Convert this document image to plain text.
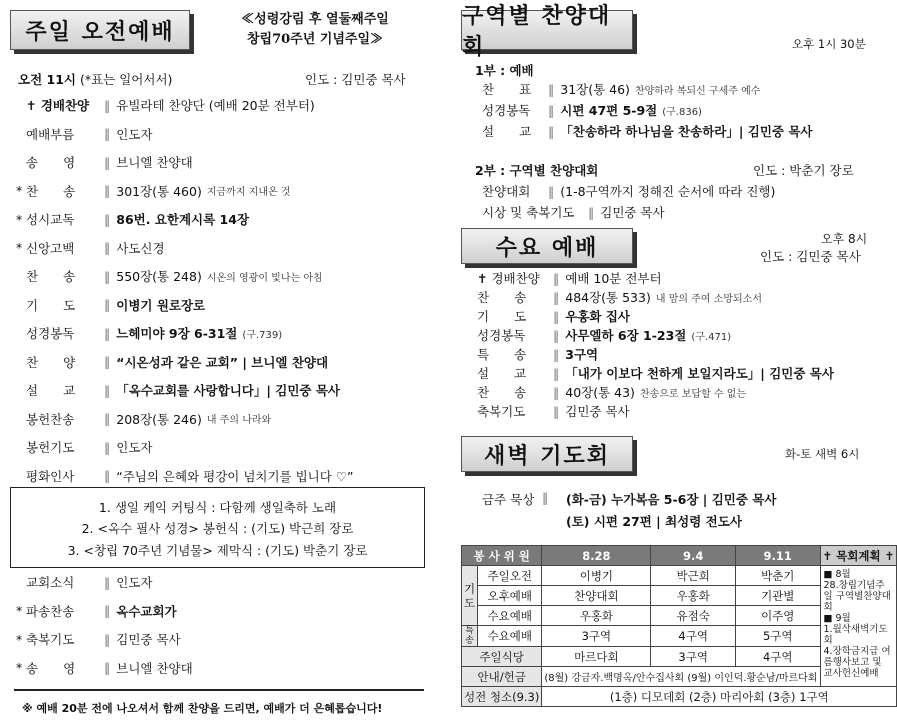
주일 오전예배	≪성령강림 후 열둘째주일
창립70주년 기념주일≫
오전 11시 (*표는 일어서서)	인도 : 김민중 목사
✝ 경배찬양	‖ 유빌라테 찬양단 (예배 20분 전부터)
예배부름	‖ 인도자
송　　영	‖ 브니엘 찬양대
* 찬　　송	‖ 301장(통 460) 지금까지 지내온 것
* 성시교독	‖ 86번. 요한계시록 14장
* 신앙고백	‖ 사도신경
찬　　송	‖ 550장(통 248) 시온의 영광이 빛나는 아침
기　　도	‖ 이병기 원로장로
성경봉독	‖ 느헤미야 9장 6-31절 (구.739)
찬　　양	‖ “시온성과 같은 교회” | 브니엘 찬양대
설　　교	‖ 「옥수교회를 사랑합니다」| 김민중 목사
봉헌찬송	‖ 208장(통 246) 내 주의 나라와
봉헌기도	‖ 인도자
평화인사	‖ “주님의 은혜와 평강이 넘치기를 빕니다 ♡”
1. 생일 케익 커팅식 : 다함께 생일축하 노래
2. <옥수 필사 성경> 봉헌식 : (기도) 박근희 장로
3. <창립 70주년 기념물> 제막식 : (기도) 박춘기 장로
교회소식	‖ 인도자
* 파송찬송	‖ 옥수교회가
* 축복기도	‖ 김민중 목사
* 송　　영	‖ 브니엘 찬양대
※ 예배 20분 전에 나오셔서 함께 찬양을 드리면, 예배가 더 은혜롭습니다!
구역별 찬양대회	오후 1시 30분
1부 : 예배
찬　　표	‖ 31장(통 46) 찬양하라 복되신 구세주 예수
성경봉독	‖ 시편 47편 5-9절 (구.836)
설　　교	‖ 「찬송하라 하나님을 찬송하라」| 김민중 목사
2부 : 구역별 찬양대회	인도 : 박춘기 장로
찬양대회	‖ (1-8구역까지 정해진 순서에 따라 진행)
시상 및 축복기도	‖ 김민중 목사
수요 예배	오후 8시
인도 : 김민중 목사
✝ 경배찬양	‖ 예배 10분 전부터
찬　　송	‖ 484장(통 533) 내 맘의 주여 소망되소서
기　　도	‖ 우홍화 집사
성경봉독	‖ 사무엘하 6장 1-23절 (구.471)
특　　송	‖ 3구역
설　　교	‖ 「내가 이보다 천하게 보일지라도」| 김민중 목사
찬　　송	‖ 40장(통 43) 찬송으로 보답할 수 없는
축복기도	‖ 김민중 목사
새벽 기도회	화-토 새벽 6시
금주 묵상 ‖ (화-금) 누가복음 5-6장 | 김민중 목사
(토) 시편 27편 | 최성령 전도사
봉 사 위 원		8.28	9.4	9.11	✝ 목회계획 ✝
기도	주일오전	이병기	박근희	박춘기	■ 8월
28.창립기념주일 구역별찬양대회
■ 9월
1.월삭새벽기도회
4.장학금지급 여름행사보고 및 교사헌신예배

	오후예배	찬양대회	우홍화	기관별	
	수요예배	우홍화	유점숙	이주영	
특송	수요예배	3구역	4구역	5구역	
주일식당		마르다회	3구역	4구역	
안내/헌금		(8월) 강금자.백명옥/안수집사회 (9월) 이인덕.황순남/마르다회			
성전 청소(9.3)		(1층) 디모데회 (2층) 마리아회 (3층) 1구역			
